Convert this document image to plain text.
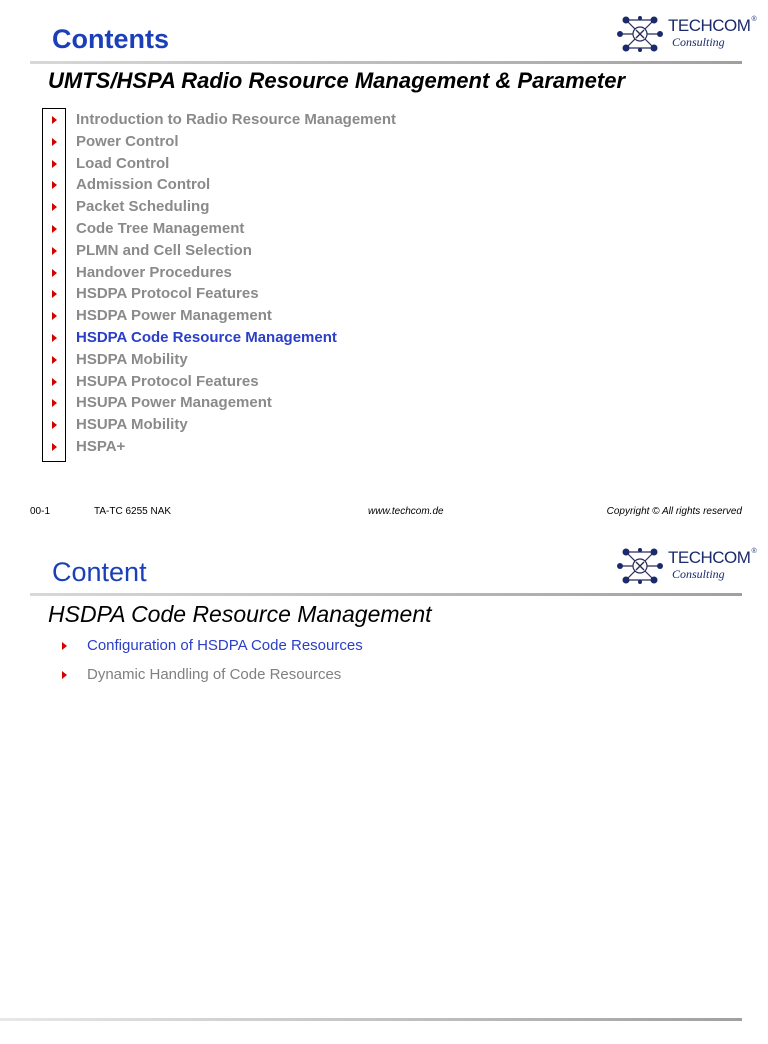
Contents	TECHCOM®
Consulting
UMTS/HSPA Radio Resource Management & Parameter
Introduction to Radio Resource Management
Power Control
Load Control
Admission Control
Packet Scheduling
Code Tree Management
PLMN and Cell Selection
Handover Procedures
HSDPA Protocol Features
HSDPA Power Management
HSDPA Code Resource Management
HSDPA Mobility
HSUPA Protocol Features
HSUPA Power Management
HSUPA Mobility
HSPA+
00-1	TA-TC 6255 NAK	www.techcom.de	Copyright © All rights reserved
Content	TECHCOM®
Consulting
HSDPA Code Resource Management
Configuration of HSDPA Code Resources
Dynamic Handling of Code Resources
